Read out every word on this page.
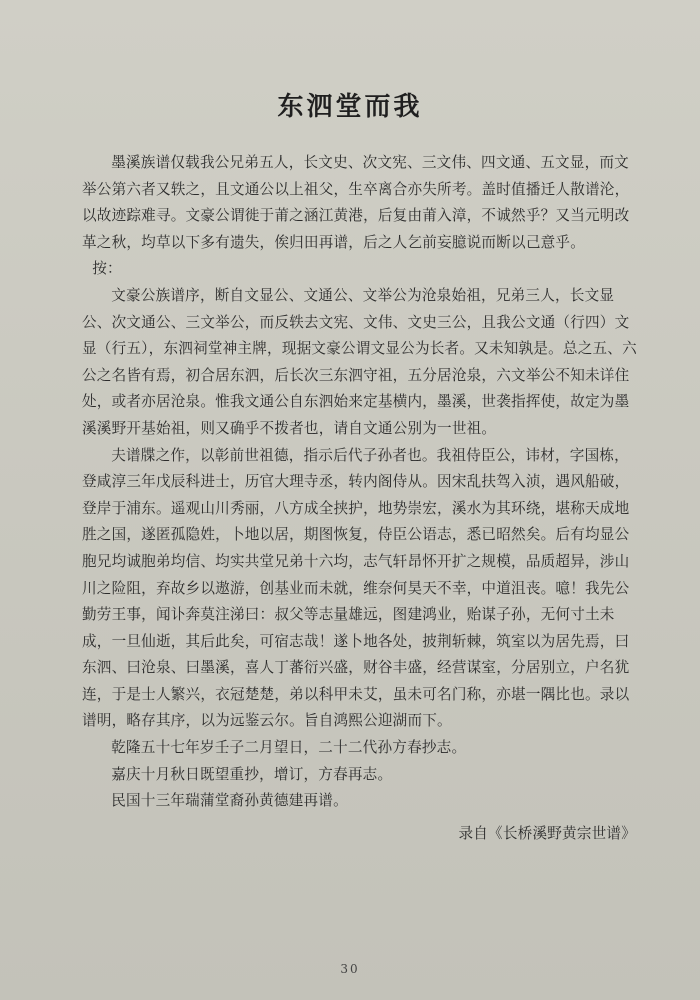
东泗堂而我

墨溪族谱仅载我公兄弟五人，长文史、次文宪、三文伟、四文通、五文显，而文举公第六者又轶之，且文通公以上祖父，生卒离合亦失所考。盖时值播迁人散谱沦，以故迹踪难寻。文豪公谓徙于莆之涵江黄港，后复由莆入漳，不诚然乎？又当元明改革之秋，均草以下多有遗失，俟归田再谱，后之人乞前妄臆说而断以己意乎。

按：

文豪公族谱序，断自文显公、文通公、文举公为沧泉始祖，兄弟三人，长文显公、次文通公、三文举公，而反轶去文宪、文伟、文史三公，且我公文通（行四）文显（行五），东泗祠堂神主牌，现据文豪公谓文显公为长者。又未知孰是。总之五、六公之名皆有焉，初合居东泗，后长次三东泗守祖，五分居沧泉，六文举公不知未详住处，或者亦居沧泉。惟我文通公自东泗始来定基横内，墨溪，世袭指挥使，故定为墨溪溪野开基始祖，则又确乎不拨者也，请自文通公别为一世祖。

夫谱牒之作，以彰前世祖德，指示后代子孙者也。我祖侍臣公，讳材，字国栋，登咸淳三年戊辰科进士，历官大理寺丞，转内阁侍从。因宋乱扶驾入浈，遇风船破，登岸于浦东。遥观山川秀丽，八方成全挟护，地势崇宏，溪水为其环绕，堪称天成地胜之国，遂匿孤隐姓，卜地以居，期图恢复，侍臣公语志，悉已昭然矣。后有均显公胞兄均诚胞弟均信、均实共堂兄弟十六均，志气轩昂怀开扩之规模，品质超异，涉山川之险阻，弃故乡以遨游，创基业而未就，维奈何昊天不幸，中道沮丧。噫！我先公勤劳王事，闻讣奔莫注涕曰：叔父等志量雄远，图建鸿业，贻谋子孙，无何寸土未成，一旦仙逝，其后此矣，可宿志哉！遂卜地各处，披荆斩棘，筑室以为居先焉，曰东泗、曰沧泉、曰墨溪，喜人丁蕃衍兴盛，财谷丰盛，经营谋室，分居别立，户名犹连，于是士人繁兴，衣冠楚楚，弟以科甲未艾，虽未可名门称，亦堪一隅比也。录以谱明，略存其序，以为远鉴云尔。旨自鸿熙公迎湖而下。

乾隆五十七年岁壬子二月望日，二十二代孙方春抄志。

嘉庆十月秋日既望重抄，增订，方春再志。

民国十三年瑞蒲堂裔孙黄德建再谱。

录自《长桥溪野黄宗世谱》

30
